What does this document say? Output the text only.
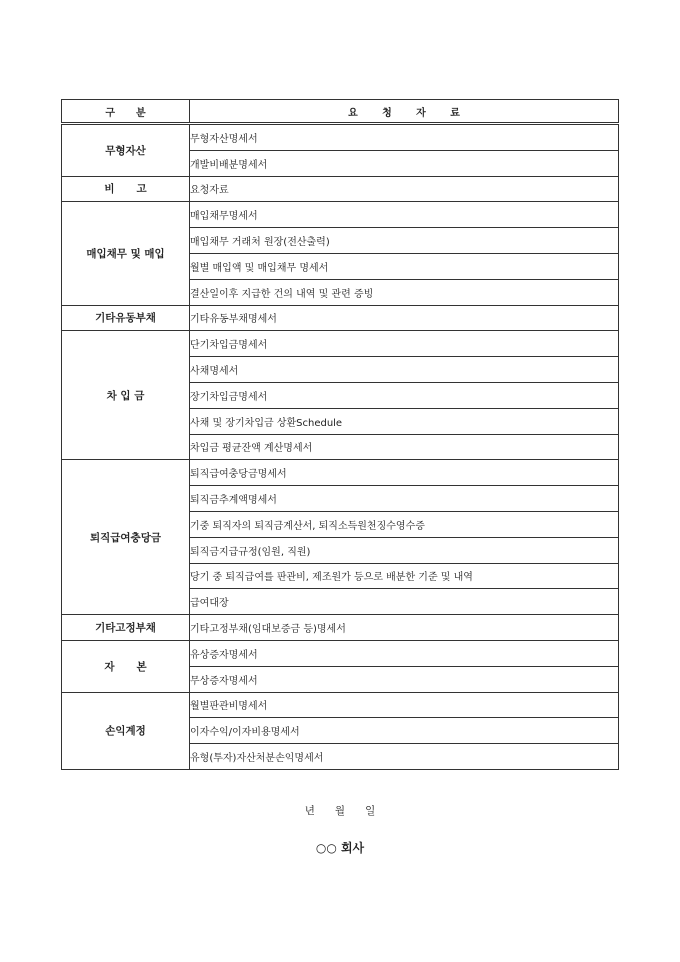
구      분	요       청       자       료
무형자산	무형자산명세서
	개발비배분명세서
비      고	요청자료
매입채무 및 매입	매입채무명세서
	매입채무 거래처 원장(전산출력)
	월별 매입액 및 매입채무 명세서
	결산일이후 지급한 건의 내역 및 관련 증빙
기타유동부채	기타유동부채명세서
차 입 금	단기차입금명세서
	사채명세서
	장기차입금명세서
	사채 및 장기차입금 상환Schedule
	차입금 평균잔액 계산명세서
퇴직급여충당금	퇴직급여충당금명세서
	퇴직금추계액명세서
	기중 퇴직자의 퇴직금계산서, 퇴직소득원천징수영수증
	퇴직금지급규정(임원, 직원)
	당기 중 퇴직급여를 판관비, 제조원가 등으로 배분한 기준 및 내역
	급여대장
기타고정부채	기타고정부채(임대보증금 등)명세서
자      본	유상증자명세서
	무상증자명세서
손익계정	월별판관비명세서
	이자수익/이자비용명세서
	유형(투자)자산처분손익명세서
년      월      일
○○ 회사
